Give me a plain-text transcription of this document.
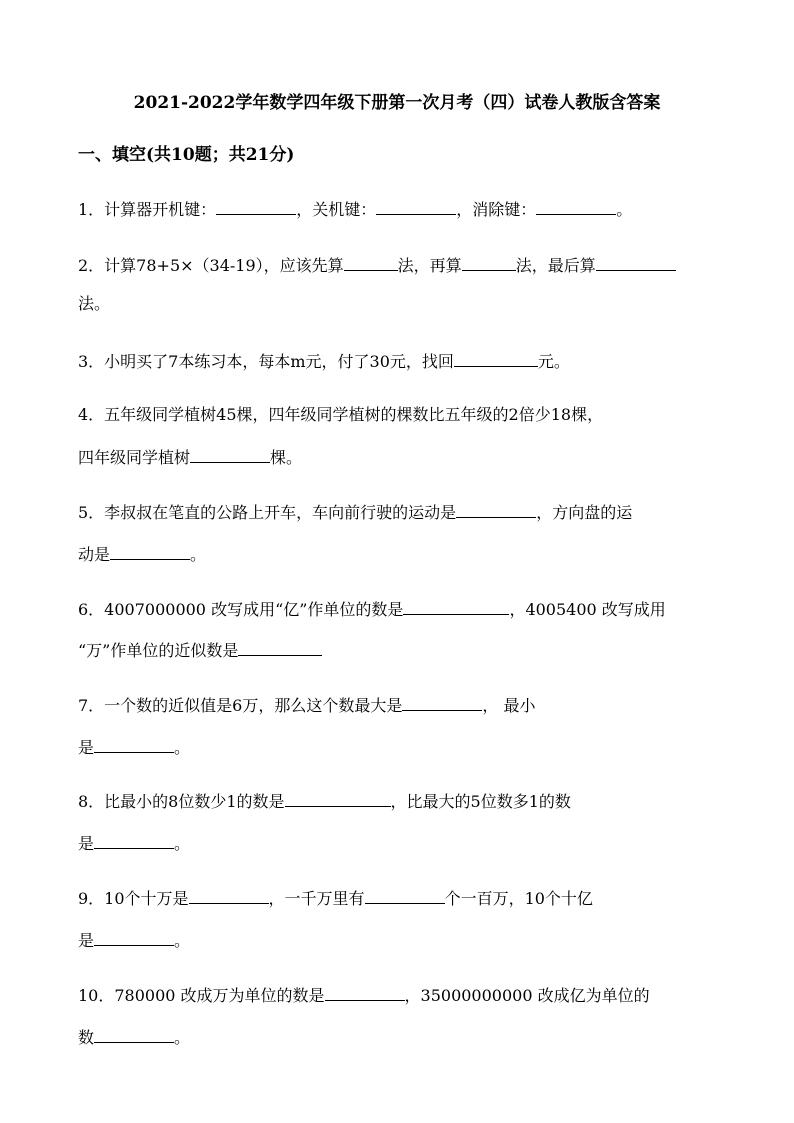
2021-2022学年数学四年级下册第一次月考（四）试卷人教版含答案
一、填空(共10题；共21分)
1．计算器开机键：	，关机键：	，消除键：	。
2．计算78+5×（34-19），应该先算	法，再算	法，最后算
法。
3．小明买了7本练习本，每本m元，付了30元，找回	元。
4．五年级同学植树45棵，四年级同学植树的棵数比五年级的2倍少18棵，
四年级同学植树	棵。
5．李叔叔在笔直的公路上开车，车向前行驶的运动是	，方向盘的运
动是	。
6．4007000000 改写成用“亿”作单位的数是	，4005400 改写成用
“万”作单位的近似数是
7．一个数的近似值是6万，那么这个数最大是	， 最小
是	。
8．比最小的8位数少1的数是	，比最大的5位数多1的数
是	。
9．10个十万是	，一千万里有	个一百万，10个十亿
是	。
10．780000 改成万为单位的数是	，35000000000 改成亿为单位的
数	。
